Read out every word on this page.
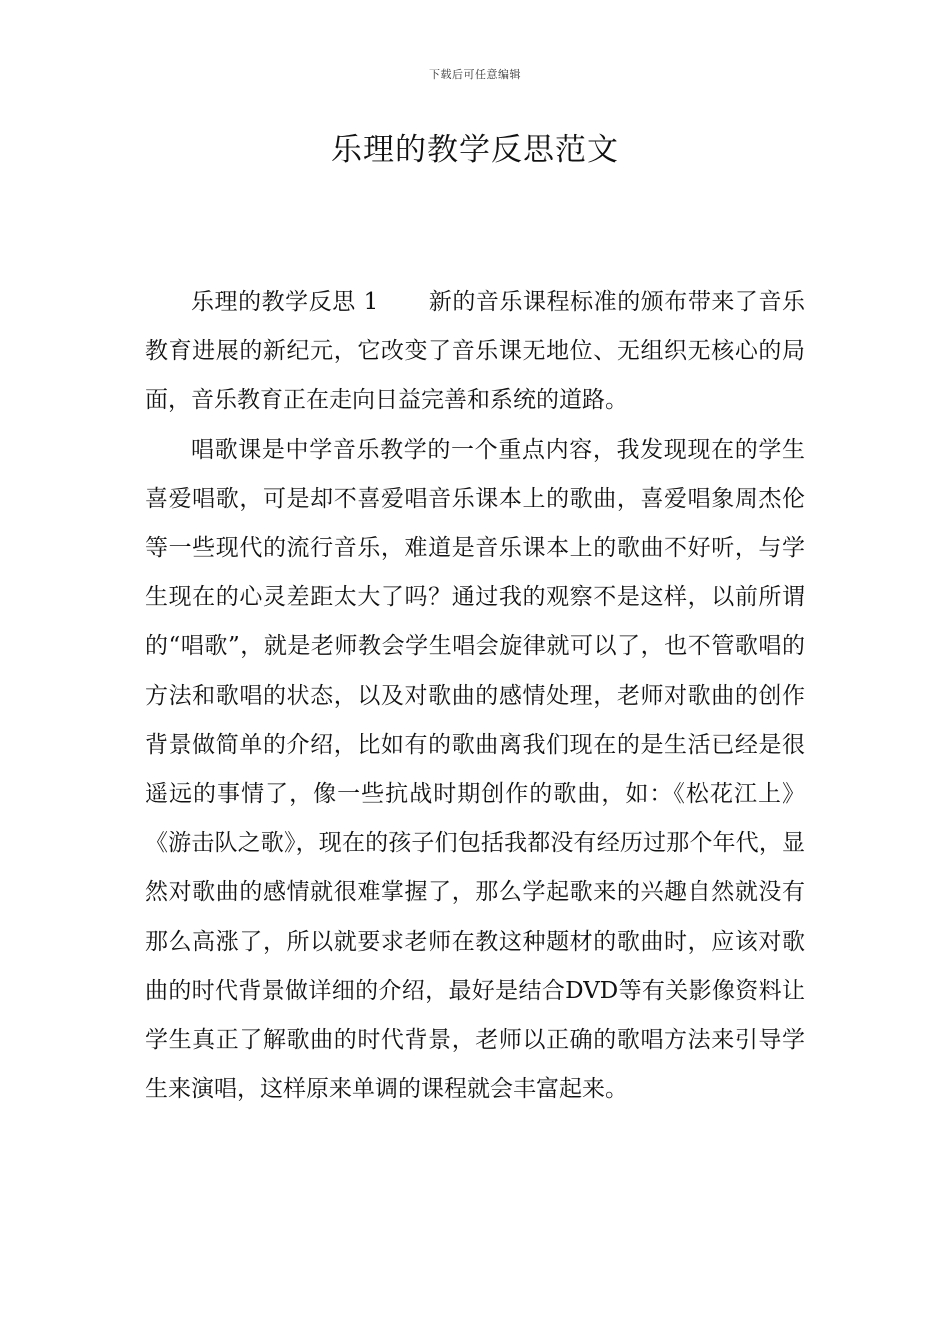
下载后可任意编辑
乐理的教学反思范文

乐理的教学反思 1 新的音乐课程标准的颁布带来了音乐教育进展的新纪元，它改变了音乐课无地位、无组织无核心的局面，音乐教育正在走向日益完善和系统的道路。

唱歌课是中学音乐教学的一个重点内容，我发现现在的学生喜爱唱歌，可是却不喜爱唱音乐课本上的歌曲，喜爱唱象周杰伦等一些现代的流行音乐，难道是音乐课本上的歌曲不好听，与学生现在的心灵差距太大了吗？通过我的观察不是这样，以前所谓的“唱歌”，就是老师教会学生唱会旋律就可以了，也不管歌唱的方法和歌唱的状态，以及对歌曲的感情处理，老师对歌曲的创作背景做简单的介绍，比如有的歌曲离我们现在的是生活已经是很遥远的事情了，像一些抗战时期创作的歌曲，如：《松花江上》《游击队之歌》，现在的孩子们包括我都没有经历过那个年代，显然对歌曲的感情就很难掌握了，那么学起歌来的兴趣自然就没有那么高涨了，所以就要求老师在教这种题材的歌曲时，应该对歌曲的时代背景做详细的介绍，最好是结合DVD等有关影像资料让学生真正了解歌曲的时代背景，老师以正确的歌唱方法来引导学生来演唱，这样原来单调的课程就会丰富起来。
